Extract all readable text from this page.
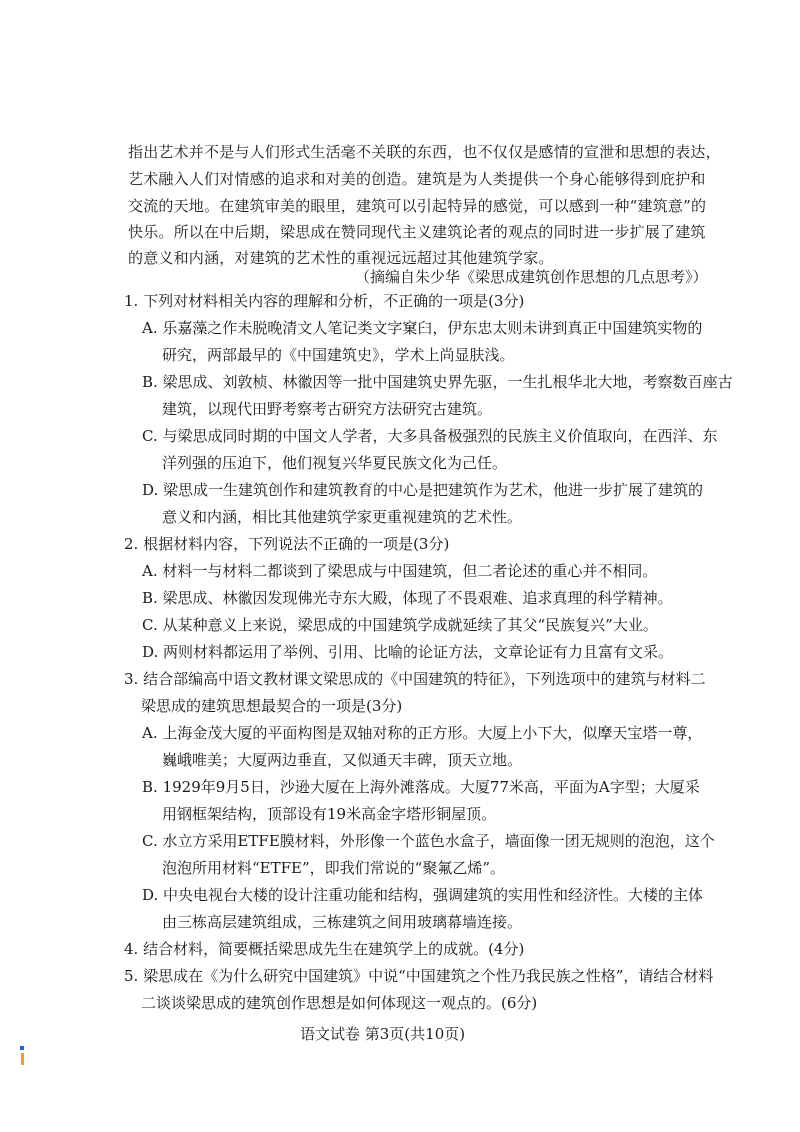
指出艺术并不是与人们形式生活毫不关联的东西，也不仅仅是感情的宣泄和思想的表达，
艺术融入人们对情感的追求和对美的创造。建筑是为人类提供一个身心能够得到庇护和
交流的天地。在建筑审美的眼里，建筑可以引起特异的感觉，可以感到一种“建筑意”的
快乐。所以在中后期，梁思成在赞同现代主义建筑论者的观点的同时进一步扩展了建筑
的意义和内涵，对建筑的艺术性的重视远远超过其他建筑学家。
（摘编自朱少华《梁思成建筑创作思想的几点思考》）
1. 下列对材料相关内容的理解和分析，不正确的一项是(3分)
A. 乐嘉藻之作未脱晚清文人笔记类文字窠臼，伊东忠太则未讲到真正中国建筑实物的
研究，两部最早的《中国建筑史》，学术上尚显肤浅。
B. 梁思成、刘敦桢、林徽因等一批中国建筑史界先驱，一生扎根华北大地，考察数百座古
建筑，以现代田野考察考古研究方法研究古建筑。
C. 与梁思成同时期的中国文人学者，大多具备极强烈的民族主义价值取向，在西洋、东
洋列强的压迫下，他们视复兴华夏民族文化为己任。
D. 梁思成一生建筑创作和建筑教育的中心是把建筑作为艺术，他进一步扩展了建筑的
意义和内涵，相比其他建筑学家更重视建筑的艺术性。
2. 根据材料内容，下列说法不正确的一项是(3分)
A. 材料一与材料二都谈到了梁思成与中国建筑，但二者论述的重心并不相同。
B. 梁思成、林徽因发现佛光寺东大殿，体现了不畏艰难、追求真理的科学精神。
C. 从某种意义上来说，梁思成的中国建筑学成就延续了其父“民族复兴”大业。
D. 两则材料都运用了举例、引用、比喻的论证方法，文章论证有力且富有文采。
3. 结合部编高中语文教材课文梁思成的《中国建筑的特征》，下列选项中的建筑与材料二
梁思成的建筑思想最契合的一项是(3分)
A. 上海金茂大厦的平面构图是双轴对称的正方形。大厦上小下大，似摩天宝塔一尊，
巍峨唯美；大厦两边垂直，又似通天丰碑，顶天立地。
B. 1929年9月5日，沙逊大厦在上海外滩落成。大厦77米高，平面为A字型；大厦采
用钢框架结构，顶部设有19米高金字塔形铜屋顶。
C. 水立方采用ETFE膜材料，外形像一个蓝色水盒子，墙面像一团无规则的泡泡，这个
泡泡所用材料“ETFE”，即我们常说的“聚氟乙烯”。
D. 中央电视台大楼的设计注重功能和结构，强调建筑的实用性和经济性。大楼的主体
由三栋高层建筑组成，三栋建筑之间用玻璃幕墙连接。
4. 结合材料，简要概括梁思成先生在建筑学上的成就。(4分)
5. 梁思成在《为什么研究中国建筑》中说“中国建筑之个性乃我民族之性格”，请结合材料
二谈谈梁思成的建筑创作思想是如何体现这一观点的。(6分)
语文试卷 第3页(共10页)
